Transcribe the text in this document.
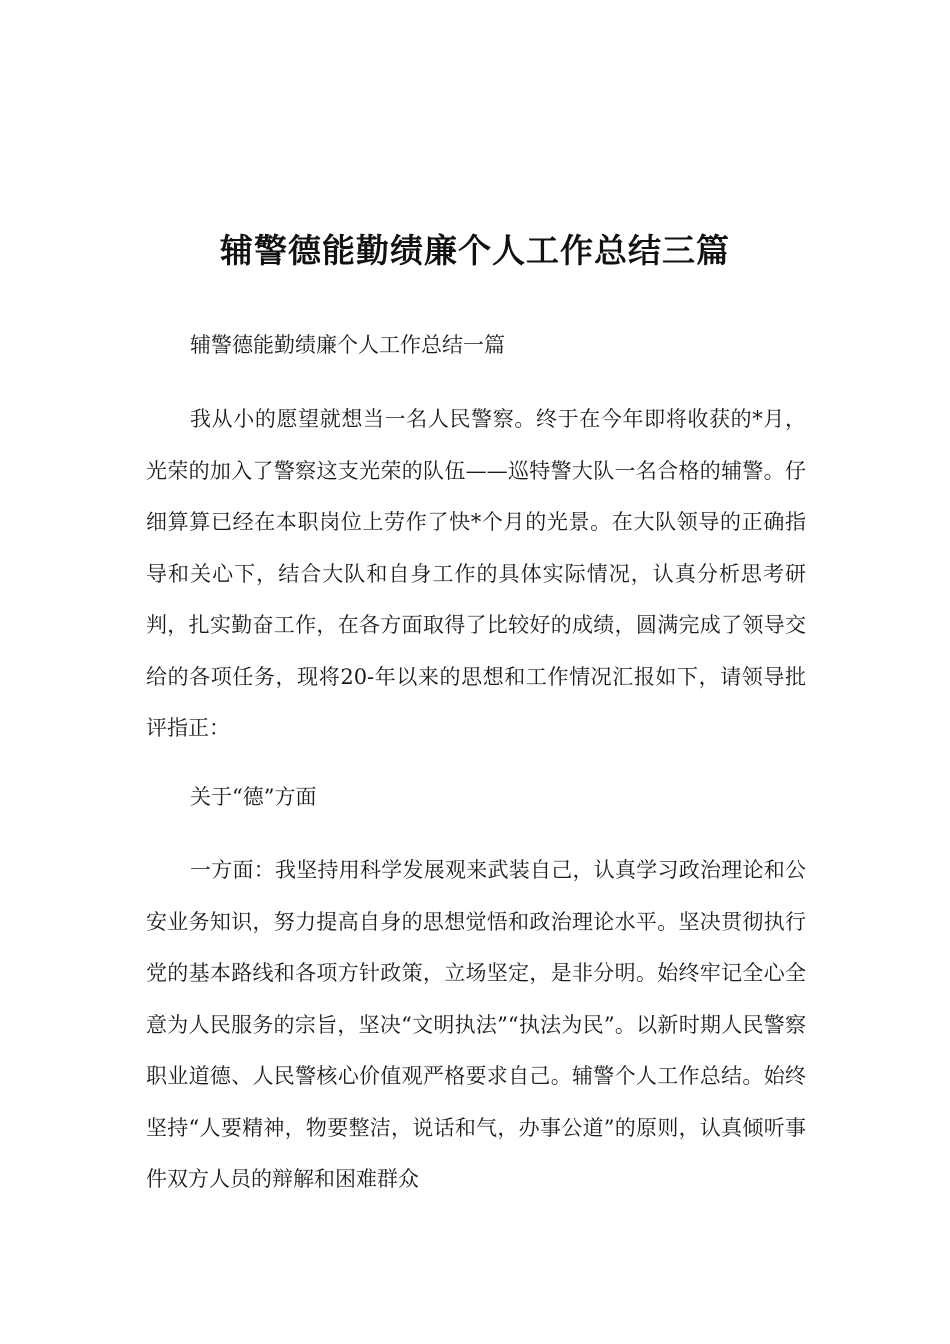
辅警德能勤绩廉个人工作总结三篇

辅警德能勤绩廉个人工作总结一篇

我从小的愿望就想当一名人民警察。终于在今年即将收获的*月，光荣的加入了警察这支光荣的队伍——巡特警大队一名合格的辅警。仔细算算已经在本职岗位上劳作了快*个月的光景。在大队领导的正确指导和关心下，结合大队和自身工作的具体实际情况，认真分析思考研判，扎实勤奋工作，在各方面取得了比较好的成绩，圆满完成了领导交给的各项任务，现将20-年以来的思想和工作情况汇报如下，请领导批评指正：

关于“德”方面

一方面：我坚持用科学发展观来武装自己，认真学习政治理论和公安业务知识，努力提高自身的思想觉悟和政治理论水平。坚决贯彻执行党的基本路线和各项方针政策，立场坚定，是非分明。始终牢记全心全意为人民服务的宗旨，坚决“文明执法”“执法为民”。以新时期人民警察职业道德、人民警核心价值观严格要求自己。辅警个人工作总结。始终坚持“人要精神，物要整洁，说话和气，办事公道”的原则，认真倾听事件双方人员的辩解和困难群众
